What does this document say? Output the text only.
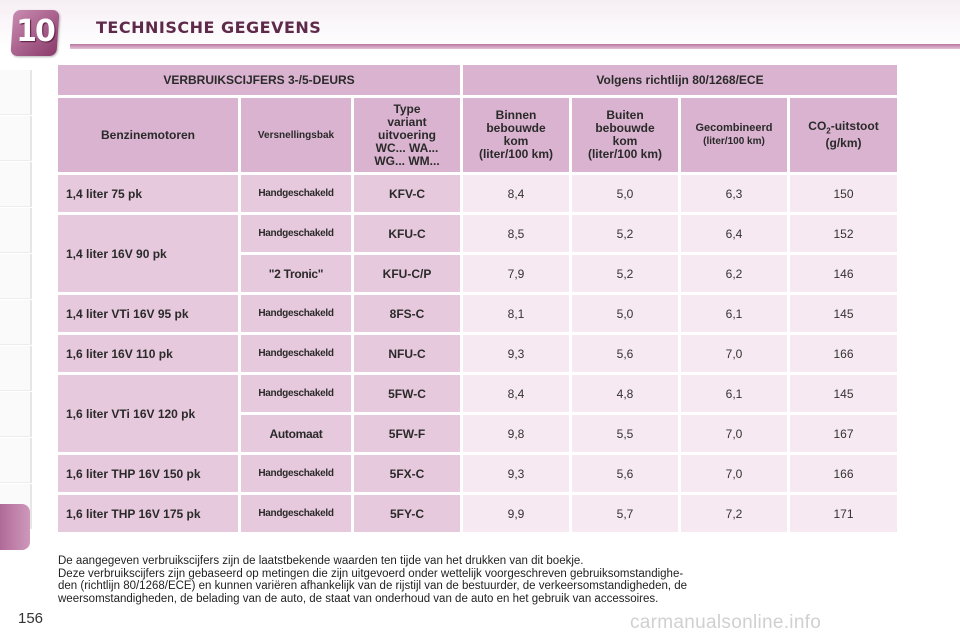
10	TECHNISCHE GEGEVENS
VERBRUIKSCIJFERS 3-/5-DEURS			Volgens richtlijn 80/1268/ECE			
Benzinemotoren	Versnellingsbak	Type
variant
uitvoering
WC... WA...
WG... WM...	Binnen
bebouwde
kom
(liter/100 km)	Buiten
bebouwde
kom
(liter/100 km)	Gecombineerd
(liter/100 km)	$CO_2$-uitstoot
(g/km)
1,4 liter 75 pk	Handgeschakeld	KFV-C	8,4	5,0	6,3	150
1,4 liter 16V 90 pk	Handgeschakeld	KFU-C	8,5	5,2	6,4	152
	"2 Tronic"	KFU-C/P	7,9	5,2	6,2	146
1,4 liter VTi 16V 95 pk	Handgeschakeld	8FS-C	8,1	5,0	6,1	145
1,6 liter 16V 110 pk	Handgeschakeld	NFU-C	9,3	5,6	7,0	166
1,6 liter VTi 16V 120 pk	Handgeschakeld	5FW-C	8,4	4,8	6,1	145
	Automaat	5FW-F	9,8	5,5	7,0	167
1,6 liter THP 16V 150 pk	Handgeschakeld	5FX-C	9,3	5,6	7,0	166
1,6 liter THP 16V 175 pk	Handgeschakeld	5FY-C	9,9	5,7	7,2	171
De aangegeven verbruikscijfers zijn de laatstbekende waarden ten tijde van het drukken van dit boekje.
Deze verbruikscijfers zijn gebaseerd op metingen die zijn uitgevoerd onder wettelijk voorgeschreven gebruiksomstandighe-
den (richtlijn 80/1268/ECE) en kunnen variëren afhankelijk van de rijstijl van de bestuurder, de verkeersomstandigheden, de
weersomstandigheden, de belading van de auto, de staat van onderhoud van de auto en het gebruik van accessoires.
156	carmanualsonline.info
